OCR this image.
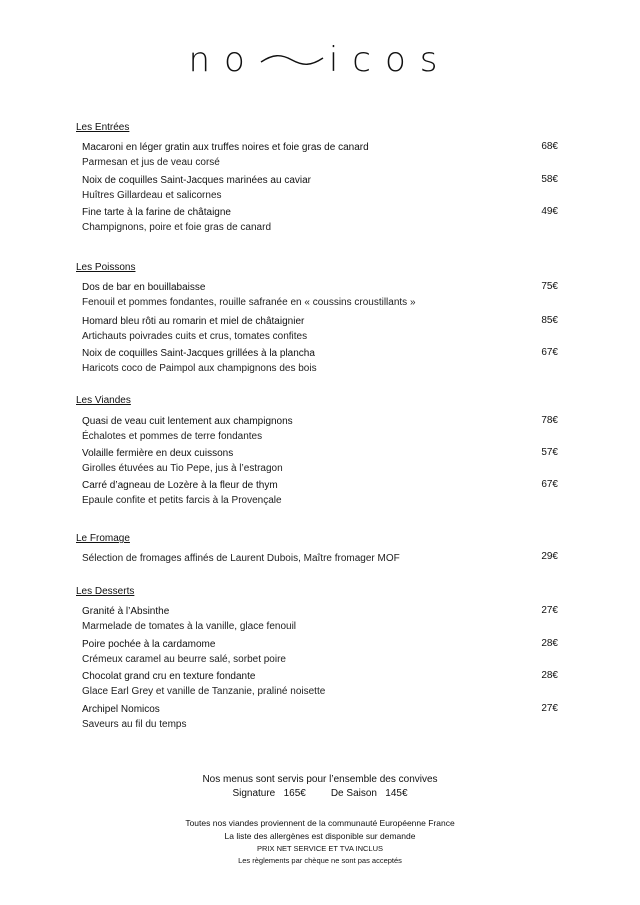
no icos
Les Entrées
Macaroni en léger gratin aux truffes noires et foie gras de canard
Parmesan et jus de veau corsé
68€
Noix de coquilles Saint-Jacques marinées au caviar
Huîtres Gillardeau et salicornes
58€
Fine tarte à la farine de châtaigne
Champignons, poire et foie gras de canard
49€
Les Poissons
Dos de bar en bouillabaisse
Fenouil et pommes fondantes, rouille safranée en « coussins croustillants »
75€
Homard bleu rôti au romarin et miel de châtaignier
Artichauts poivrades cuits et crus, tomates confites
85€
Noix de coquilles Saint-Jacques grillées à la plancha
Haricots coco de Paimpol aux champignons des bois
67€
Les Viandes
Quasi de veau cuit lentement aux champignons
Échalotes et pommes de terre fondantes
78€
Volaille fermière en deux cuissons
Girolles étuvées au Tio Pepe, jus à l’estragon
57€
Carré d’agneau de Lozère à la fleur de thym
Epaule confite et petits farcis à la Provençale
67€
Le Fromage
Sélection de fromages affinés de Laurent Dubois, Maître fromager MOF	29€
Les Desserts
Granité à l’Absinthe
Marmelade de tomates à la vanille, glace fenouil
27€
Poire pochée à la cardamome
Crémeux caramel au beurre salé, sorbet poire
28€
Chocolat grand cru en texture fondante
Glace Earl Grey et vanille de Tanzanie, praliné noisette
28€
Archipel Nomicos
Saveurs au fil du temps
27€
Nos menus sont servis pour l’ensemble des convives
Signature   165€         De Saison   145€
Toutes nos viandes proviennent de la communauté Européenne France
La liste des allergènes est disponible sur demande
PRIX NET SERVICE ET TVA INCLUS
Les règlements par chèque ne sont pas acceptés
